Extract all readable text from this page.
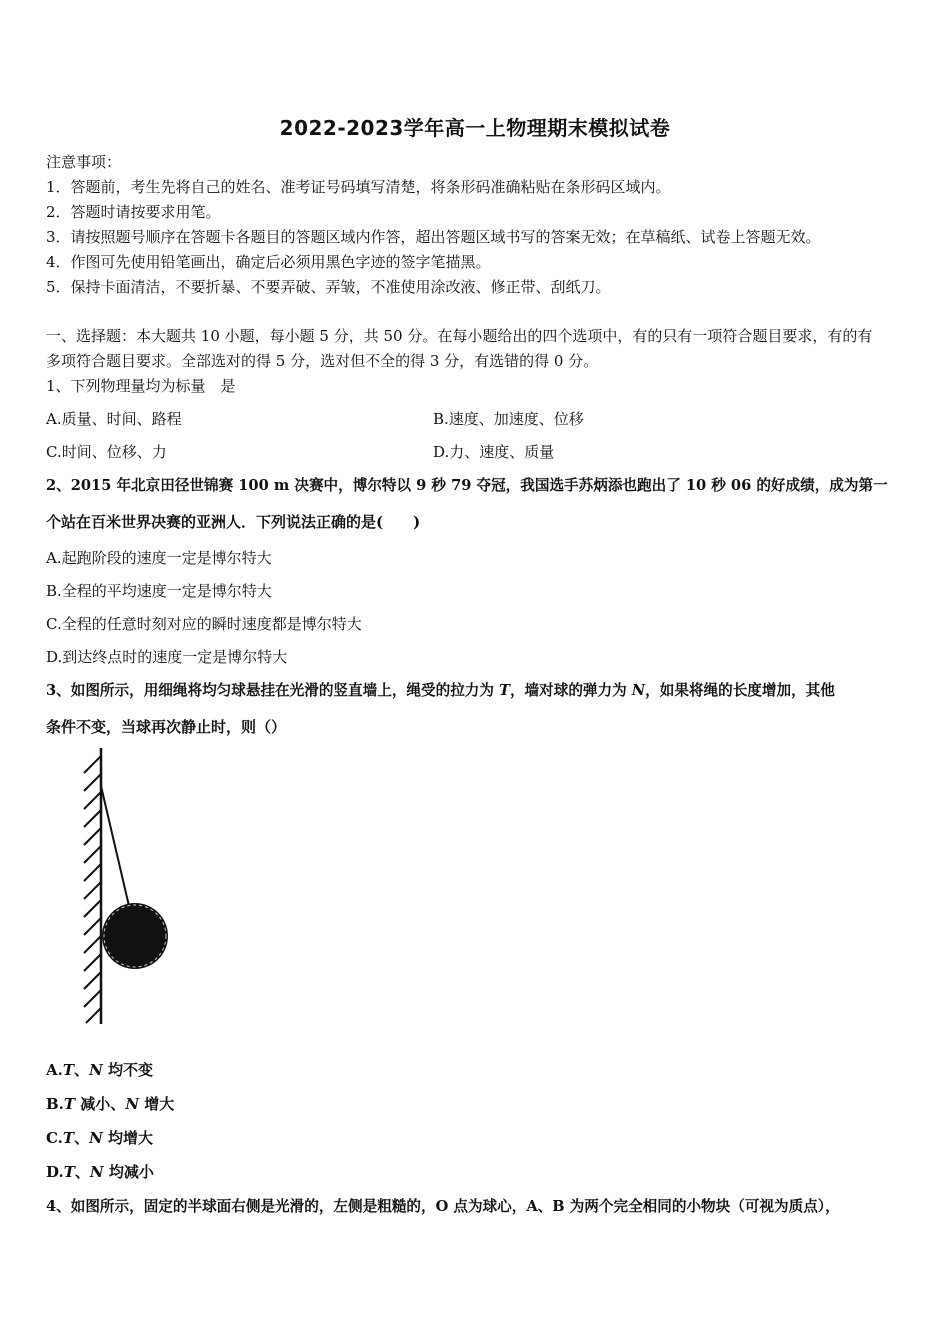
2022-2023学年高一上物理期末模拟试卷
注意事项：
1．答题前，考生先将自己的姓名、准考证号码填写清楚，将条形码准确粘贴在条形码区域内。
2．答题时请按要求用笔。
3．请按照题号顺序在答题卡各题目的答题区域内作答，超出答题区域书写的答案无效；在草稿纸、试卷上答题无效。
4．作图可先使用铅笔画出，确定后必须用黑色字迹的签字笔描黑。
5．保持卡面清洁，不要折暴、不要弄破、弄皱，不准使用涂改液、修正带、刮纸刀。
一、选择题：本大题共 10 小题，每小题 5 分，共 50 分。在每小题给出的四个选项中，有的只有一项符合题目要求，有的有
多项符合题目要求。全部选对的得 5 分，选对但不全的得 3 分，有选错的得 0 分。
1、下列物理量均为标量　是
A.质量、时间、路程	B.速度、加速度、位移
C.时间、位移、力	D.力、速度、质量
2、2015 年北京田径世锦赛 100 m 决赛中，博尔特以 9 秒 79 夺冠，我国选手苏炳添也跑出了 10 秒 06 的好成绩，成为第一
个站在百米世界决赛的亚洲人．下列说法正确的是(　　)
A.起跑阶段的速度一定是博尔特大
B.全程的平均速度一定是博尔特大
C.全程的任意时刻对应的瞬时速度都是博尔特大
D.到达终点时的速度一定是博尔特大
3、如图所示，用细绳将均匀球悬挂在光滑的竖直墙上，绳受的拉力为 T，墙对球的弹力为 N，如果将绳的长度增加，其他
条件不变，当球再次静止时，则（）
A.T、N 均不变
B.T 减小、N 增大
C.T、N 均增大
D.T、N 均减小
4、如图所示，固定的半球面右侧是光滑的，左侧是粗糙的，O 点为球心，A、B 为两个完全相同的小物块（可视为质点），
